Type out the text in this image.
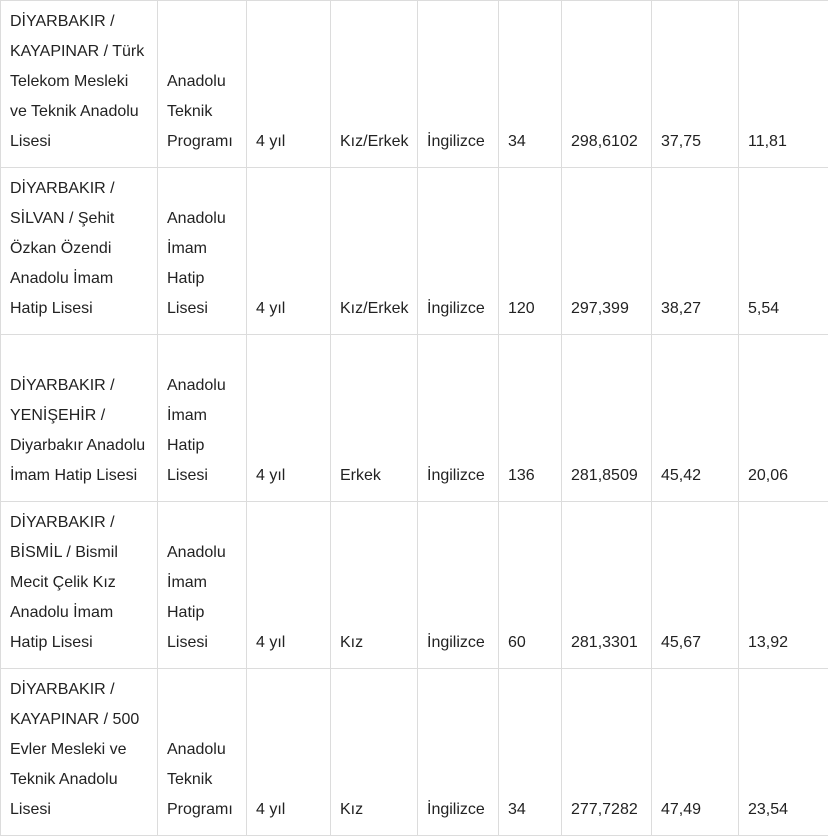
DİYARBAKIR / KAYAPINAR / Türk Telekom Mesleki ve Teknik Anadolu Lisesi	Anadolu Teknik Programı	4 yıl	Kız/Erkek	İngilizce	34	298,6102	37,75	11,81
DİYARBAKIR / SİLVAN / Şehit Özkan Özendi Anadolu İmam Hatip Lisesi	Anadolu İmam Hatip Lisesi	4 yıl	Kız/Erkek	İngilizce	120	297,399	38,27	5,54
DİYARBAKIR / YENİŞEHİR / Diyarbakır Anadolu İmam Hatip Lisesi	Anadolu İmam Hatip Lisesi	4 yıl	Erkek	İngilizce	136	281,8509	45,42	20,06
DİYARBAKIR / BİSMİL / Bismil Mecit Çelik Kız Anadolu İmam Hatip Lisesi	Anadolu İmam Hatip Lisesi	4 yıl	Kız	İngilizce	60	281,3301	45,67	13,92
DİYARBAKIR / KAYAPINAR / 500 Evler Mesleki ve Teknik Anadolu Lisesi	Anadolu Teknik Programı	4 yıl	Kız	İngilizce	34	277,7282	47,49	23,54
